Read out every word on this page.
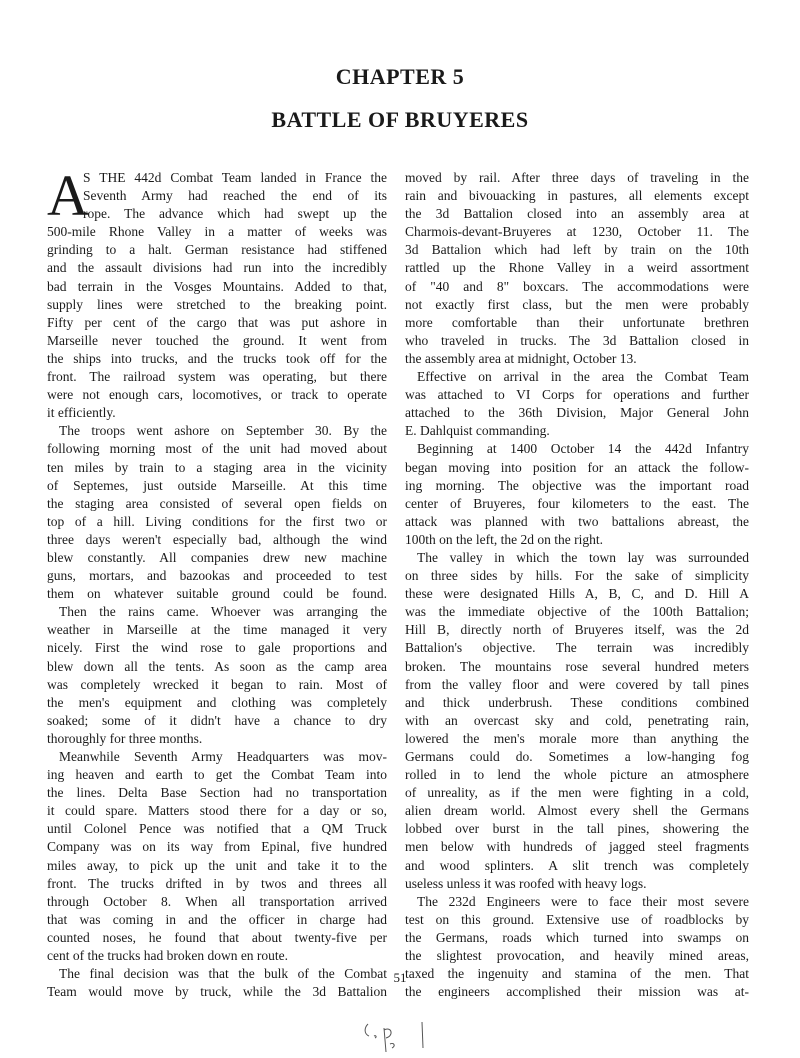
CHAPTER 5
BATTLE OF BRUYERES
A
S THE 442d Combat Team landed in France the
Seventh Army had reached the end of its
rope. The advance which had swept up the
500-mile Rhone Valley in a matter of weeks was
grinding to a halt. German resistance had stiffened
and the assault divisions had run into the incredibly
bad terrain in the Vosges Mountains. Added to that,
supply lines were stretched to the breaking point.
Fifty per cent of the cargo that was put ashore in
Marseille never touched the ground. It went from
the ships into trucks, and the trucks took off for the
front. The railroad system was operating, but there
were not enough cars, locomotives, or track to operate
it efficiently.
The troops went ashore on September 30. By the
following morning most of the unit had moved about
ten miles by train to a staging area in the vicinity
of Septemes, just outside Marseille. At this time
the staging area consisted of several open fields on
top of a hill. Living conditions for the first two or
three days weren't especially bad, although the wind
blew constantly. All companies drew new machine
guns, mortars, and bazookas and proceeded to test
them on whatever suitable ground could be found.
Then the rains came. Whoever was arranging the
weather in Marseille at the time managed it very
nicely. First the wind rose to gale proportions and
blew down all the tents. As soon as the camp area
was completely wrecked it began to rain. Most of
the men's equipment and clothing was completely
soaked; some of it didn't have a chance to dry
thoroughly for three months.
Meanwhile Seventh Army Headquarters was mov-
ing heaven and earth to get the Combat Team into
the lines. Delta Base Section had no transportation
it could spare. Matters stood there for a day or so,
until Colonel Pence was notified that a QM Truck
Company was on its way from Epinal, five hundred
miles away, to pick up the unit and take it to the
front. The trucks drifted in by twos and threes all
through October 8. When all transportation arrived
that was coming in and the officer in charge had
counted noses, he found that about twenty-five per
cent of the trucks had broken down en route.
The final decision was that the bulk of the Combat
Team would move by truck, while the 3d Battalion
moved by rail. After three days of traveling in the
rain and bivouacking in pastures, all elements except
the 3d Battalion closed into an assembly area at
Charmois-devant-Bruyeres at 1230, October 11. The
3d Battalion which had left by train on the 10th
rattled up the Rhone Valley in a weird assortment
of "40 and 8" boxcars. The accommodations were
not exactly first class, but the men were probably
more comfortable than their unfortunate brethren
who traveled in trucks. The 3d Battalion closed in
the assembly area at midnight, October 13.
Effective on arrival in the area the Combat Team
was attached to VI Corps for operations and further
attached to the 36th Division, Major General John
E. Dahlquist commanding.
Beginning at 1400 October 14 the 442d Infantry
began moving into position for an attack the follow-
ing morning. The objective was the important road
center of Bruyeres, four kilometers to the east. The
attack was planned with two battalions abreast, the
100th on the left, the 2d on the right.
The valley in which the town lay was surrounded
on three sides by hills. For the sake of simplicity
these were designated Hills A, B, C, and D. Hill A
was the immediate objective of the 100th Battalion;
Hill B, directly north of Bruyeres itself, was the 2d
Battalion's objective. The terrain was incredibly
broken. The mountains rose several hundred meters
from the valley floor and were covered by tall pines
and thick underbrush. These conditions combined
with an overcast sky and cold, penetrating rain,
lowered the men's morale more than anything the
Germans could do. Sometimes a low-hanging fog
rolled in to lend the whole picture an atmosphere
of unreality, as if the men were fighting in a cold,
alien dream world. Almost every shell the Germans
lobbed over burst in the tall pines, showering the
men below with hundreds of jagged steel fragments
and wood splinters. A slit trench was completely
useless unless it was roofed with heavy logs.
The 232d Engineers were to face their most severe
test on this ground. Extensive use of roadblocks by
the Germans, roads which turned into swamps on
the slightest provocation, and heavily mined areas,
taxed the ingenuity and stamina of the men. That
the engineers accomplished their mission was at-
51
